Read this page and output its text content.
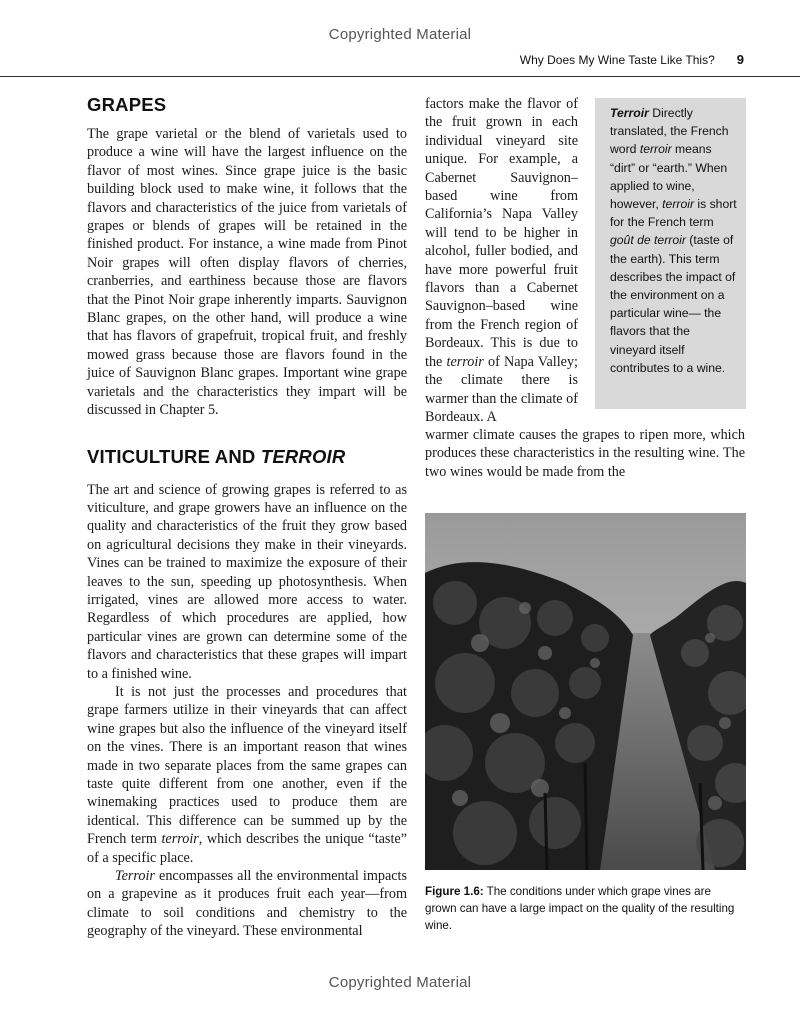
Copyrighted Material
Why Does My Wine Taste Like This? 9
GRAPES

The grape varietal or the blend of varietals used to produce a wine will have the largest influence on the flavor of most wines. Since grape juice is the basic building block used to make wine, it follows that the flavors and characteristics of the juice from varietals of grapes or blends of grapes will be retained in the finished product. For instance, a wine made from Pinot Noir grapes will often display flavors of cherries, cranberries, and earthiness because those are flavors that the Pinot Noir grape inherently imparts. Sauvignon Blanc grapes, on the other hand, will produce a wine that has flavors of grapefruit, tropical fruit, and freshly mowed grass because those are flavors found in the juice of Sauvignon Blanc grapes. Important wine grape varietals and the characteristics they impart will be discussed in Chapter 5.

VITICULTURE AND TERROIR

The art and science of growing grapes is referred to as viticulture, and grape growers have an influence on the quality and characteristics of the fruit they grow based on agricultural decisions they make in their vineyards. Vines can be trained to maximize the exposure of their leaves to the sun, speeding up photosynthesis. When irrigated, vines are allowed more access to water. Regardless of which procedures are applied, how particular vines are grown can determine some of the flavors and characteristics that these grapes will impart to a finished wine.

It is not just the processes and procedures that grape farmers utilize in their vineyards that can affect wine grapes but also the influence of the vineyard itself on the vines. There is an important reason that wines made in two separate places from the same grapes can taste quite different from one another, even if the winemaking practices used to produce them are identical. This difference can be summed up by the French term terroir, which describes the unique “taste” of a specific place.

Terroir encompasses all the environmental impacts on a grapevine as it produces fruit each year—from climate to soil conditions and chemistry to the geography of the vineyard. These environmental

factors make the flavor of the fruit grown in each individual vineyard site unique. For example, a Cabernet Sauvignon–based wine from California’s Napa Valley will tend to be higher in alcohol, fuller bodied, and have more powerful fruit flavors than a Cabernet Sauvignon–based wine from the French region of Bordeaux. This is due to the terroir of Napa Valley; the climate there is warmer than the climate of Bordeaux. A

warmer climate causes the grapes to ripen more, which produces these characteristics in the resulting wine. The two wines would be made from the

Terroir Directly translated, the French word terroir means “dirt” or “earth.” When applied to wine, however, terroir is short for the French term goût de terroir (taste of the earth). This term describes the impact of the environment on a particular wine— the flavors that the vineyard itself contributes to a wine.
Figure 1.6: The conditions under which grape vines are grown can have a large impact on the quality of the resulting wine.
Copyrighted Material
